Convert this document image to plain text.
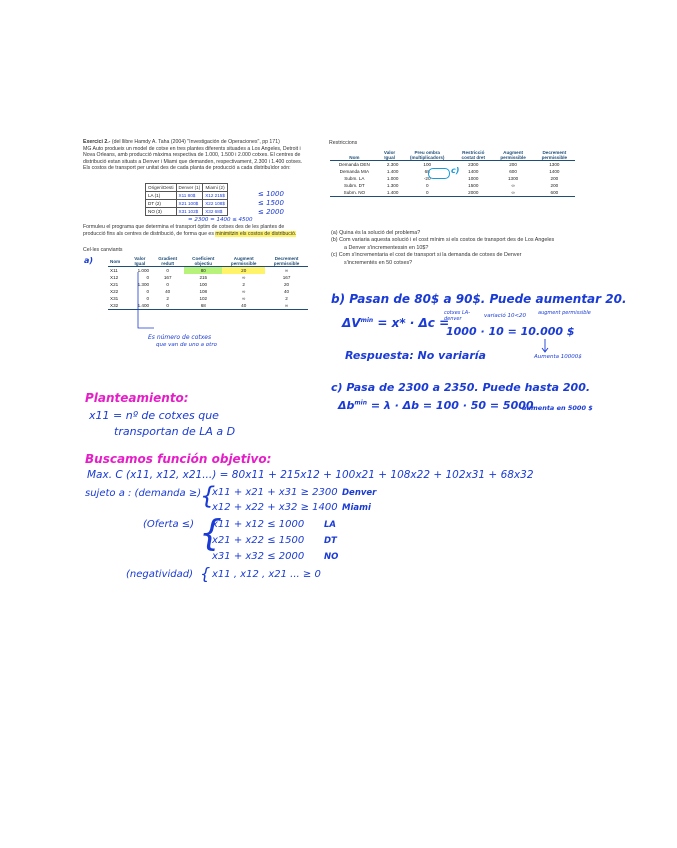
Exercici 2.- (del llibre Hamdy A. Taha (2004) "Investigación de Operaciones", pp 171)
MG Auto produeix un model de cotxe en tres plantes diferents situades a Los Angeles, Detroit i
Nova Orleans, amb producció màxima respectiva de 1.000, 1.500 i 2.000 cotxes. El centres de
distribució estan situats a Denver i Miami que demanden, respectivament, 2.300 i 1.400 cotxes.
Els costos de transport per unitat des de cada planta de producció a cada distribuïdor són:
Origen\Desti	Denver (1)	Miami (2)
LA (1)	X11 80$	X12 215$
DT (2)	X21 100$	X22 108$
NO (3)	X31 102$	X32 68$
≤ 1000
≤ 1500
≤ 2000
= 2300 = 1400 ≤ 4500
Formuleu el programa que determina el transport òptim de cotxes des de les plantes de
producció fins als centres de distribució, de forma que es minimitzin els costos de distribució.
Cel·les canviants
a)	Nom	Valor
Igual	Gradient
reduït	Coeficient
objectiu	Augment
permissible	Decrement
permissible
X11	1.000	0	80	20	∞
X12	0	167	215	∞	167
X21	1.300	0	100	2	20
X22	0	40	108	∞	40
X31	0	2	102	∞	2
X32	1.400	0	68	40	∞
Es número de cotxes
que van de uno a otro
Restriccions
Nom	Valor
Igual	Preu ombra
(multiplicadors)	Restricció
costat dret	Augment
permissible	Decrement
permissible
Demanda DEN	2.300	100	2300	200	1300
Demanda MIA	1.400	68	1400	600	1400
Subm. LA	1.000	-20	1000	1300	200
Subm. DT	1.300	0	1500	∞	200
Subm. NO	1.400	0	2000	∞	600
c)
(a) Quina és la solució del problema?
(b) Com variaria aquesta solució i el cost mínim si els costos de transport des de Los Angeles
a Denver s'incrementessin en 10$?
(c) Com s'incrementaria el cost de transport si la demanda de cotxes de Denver
s'incrementés en 50 cotxes?
b) Pasan de 80$ a 90$. Puede aumentar 20.
$\Delta V^{min} = x* \cdot \Delta c$ =
cotxes LA-denver	variació 10<20 augment permissible
1000 · 10 = 10.000 $
Respuesta: No variaría	Aumenta 10000$
c) Pasa de 2300 a 2350. Puede hasta 200.
$\Delta b^{min} = \lambda \cdot \Delta b = 100 \cdot 50 = 5000$
aumenta en 5000 $
Planteamiento:
x11 = nº de cotxes que
transportan de LA a D
Buscamos función objetivo:
Max. C (x11, x12, x21...) = 80x11 + 215x12 + 100x21 + 108x22 + 102x31 + 68x32
sujeto a : (demanda ≥)
{
x11 + x21 + x31 ≥ 2300 Denver
x12 + x22 + x32 ≥ 1400 Miami
(Oferta ≤) {
x11 + x12 ≤ 1000 LA
x21 + x22 ≤ 1500 DT
x31 + x32 ≤ 2000 NO
(negatividad) { x11 , x12 , x21 ... ≥ 0
